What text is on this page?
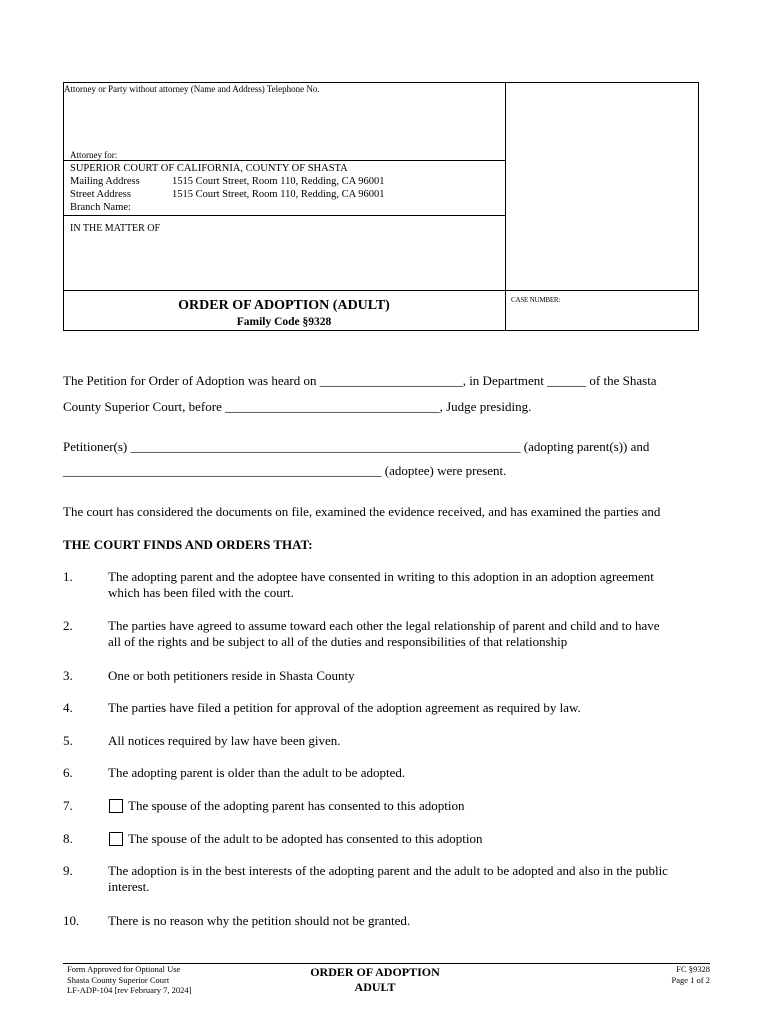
Attorney or Party without attorney (Name and Address) Telephone No.
Attorney for:
SUPERIOR COURT OF CALIFORNIA, COUNTY OF SHASTA
Mailing Address	1515 Court Street, Room 110, Redding, CA 96001
Street Address	1515 Court Street, Room 110, Redding, CA 96001
Branch Name:
IN THE MATTER OF
ORDER OF ADOPTION (ADULT)
Family Code §9328
CASE NUMBER:
The Petition for Order of Adoption was heard on ______________________, in Department ______ of the Shasta
County Superior Court, before _________________________________, Judge presiding.
Petitioner(s) ____________________________________________________________ (adopting parent(s)) and
_________________________________________________ (adoptee) were present.
The court has considered the documents on file, examined the evidence received, and has examined the parties and
THE COURT FINDS AND ORDERS THAT:
1.	The adopting parent and the adoptee have consented in writing to this adoption in an adoption agreement
which has been filed with the court.
2.	The parties have agreed to assume toward each other the legal relationship of parent and child and to have
all of the rights and be subject to all of the duties and responsibilities of that relationship
3.	One or both petitioners reside in Shasta County
4.	The parties have filed a petition for approval of the adoption agreement as required by law.
5.	All notices required by law have been given.
6.	The adopting parent is older than the adult to be adopted.
7.	The spouse of the adopting parent has consented to this adoption
8.	The spouse of the adult to be adopted has consented to this adoption
9.	The adoption is in the best interests of the adopting parent and the adult to be adopted and also in the public
interest.
10. There is no reason why the petition should not be granted.
Form Approved for Optional Use
Shasta County Superior Court
LF-ADP-104 [rev February 7, 2024]
ORDER OF ADOPTION
ADULT
FC §9328
Page 1 of 2
